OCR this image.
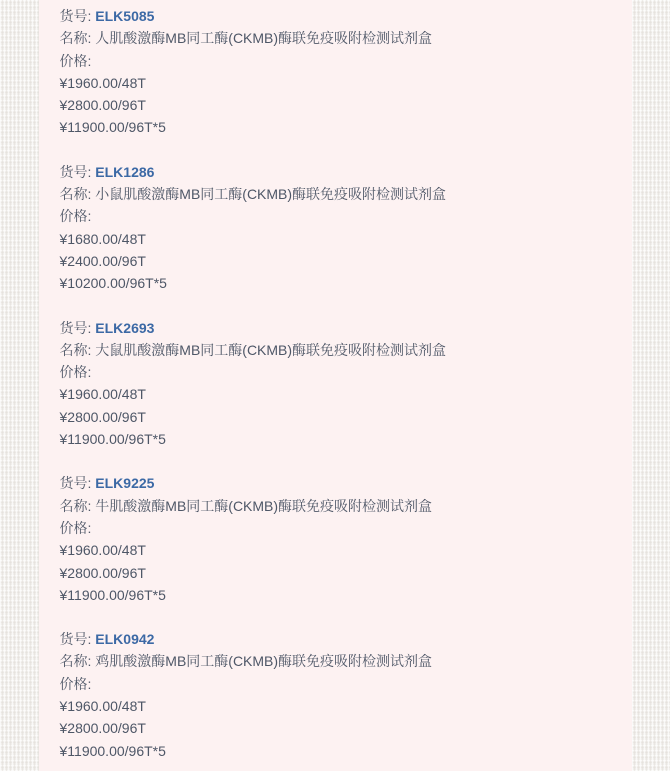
货号: ELK5085
名称: 人肌酸激酶MB同工酶(CKMB)酶联免疫吸附检测试剂盒
价格:
¥1960.00/48T
¥2800.00/96T
¥11900.00/96T*5

货号: ELK1286
名称: 小鼠肌酸激酶MB同工酶(CKMB)酶联免疫吸附检测试剂盒
价格:
¥1680.00/48T
¥2400.00/96T
¥10200.00/96T*5

货号: ELK2693
名称: 大鼠肌酸激酶MB同工酶(CKMB)酶联免疫吸附检测试剂盒
价格:
¥1960.00/48T
¥2800.00/96T
¥11900.00/96T*5

货号: ELK9225
名称: 牛肌酸激酶MB同工酶(CKMB)酶联免疫吸附检测试剂盒
价格:
¥1960.00/48T
¥2800.00/96T
¥11900.00/96T*5

货号: ELK0942
名称: 鸡肌酸激酶MB同工酶(CKMB)酶联免疫吸附检测试剂盒
价格:
¥1960.00/48T
¥2800.00/96T
¥11900.00/96T*5
